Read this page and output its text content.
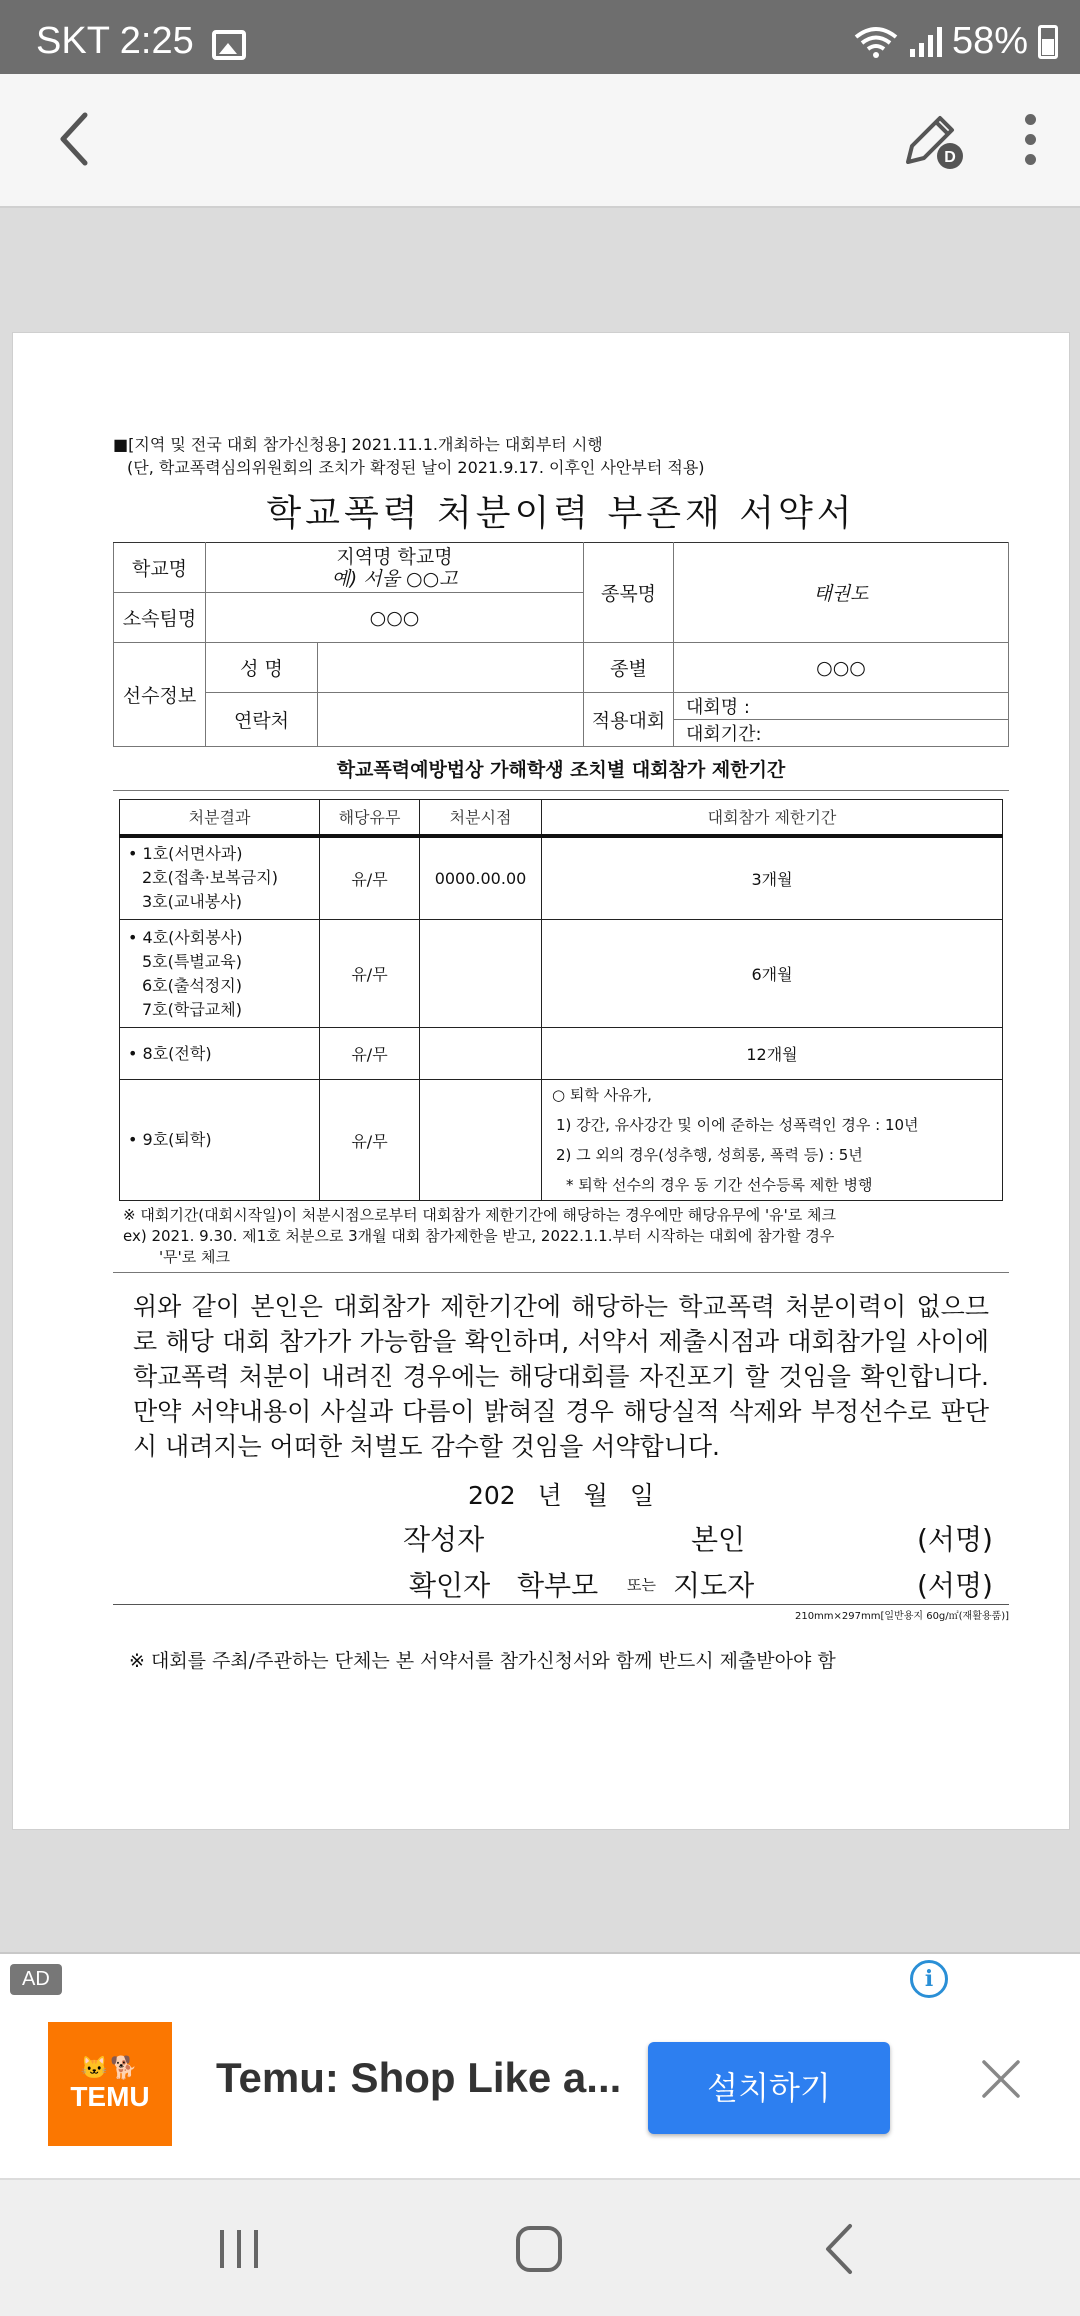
SKT 2:25	58%
D
■[지역 및 전국 대회 참가신청용] 2021.11.1.개최하는 대회부터 시행
(단, 학교폭력심의위원회의 조치가 확정된 날이 2021.9.17. 이후인 사안부터 적용)
학교폭력 처분이력 부존재 서약서
학교명	지역명 학교명
예) 서울 ○○고		종목명	태권도
소속팀명	○○○			
선수정보	성 명		종별	○○○
	연락처		적용대회	대회명 :
				대회기간:
학교폭력예방법상 가해학생 조치별 대회참가 제한기간
처분결과	해당유무	처분시점	대회참가 제한기간

• 1호(서면사과)
2호(접촉·보복금지)
3호(교내봉사)	유/무	0000.00.00	3개월

• 4호(사회봉사)
5호(특별교육)
6호(출석정지)
7호(학급교체)	유/무		6개월
• 8호(전학)	유/무		12개월
• 9호(퇴학)	유/무		○ 퇴학 사유가,
1) 강간, 유사강간 및 이에 준하는 성폭력인 경우 : 10년
2) 그 외의 경우(성추행, 성희롱, 폭력 등) : 5년
* 퇴학 선수의 경우 동 기간 선수등록 제한 병행
※ 대회기간(대회시작일)이 처분시점으로부터 대회참가 제한기간에 해당하는 경우에만 해당유무에 '유'로 체크
ex) 2021. 9.30. 제1호 처분으로 3개월 대회 참가제한을 받고, 2022.1.1.부터 시작하는 대회에 참가할 경우
'무'로 체크
위와 같이 본인은 대회참가 제한기간에 해당하는 학교폭력 처분이력이 없으므로 해당 대회 참가가 가능함을 확인하며, 서약서 제출시점과 대회참가일 사이에 학교폭력 처분이 내려진 경우에는 해당대회를 자진포기 할 것임을 확인합니다. 만약 서약내용이 사실과 다름이 밝혀질 경우 해당실적 삭제와 부정선수로 판단 시 내려지는 어떠한 처벌도 감수할 것임을 서약합니다.
202 년 월 일
작성자	본인	(서명)
확인자 학부모 또는 지도자	(서명)
210mm×297mm[일반용지 60g/㎡(재활용품)]
※ 대회를 주최/주관하는 단체는 본 서약서를 참가신청서와 함께 반드시 제출받아야 함
AD	i
🐱🐕
TEMU Temu: Shop Like a...	설치하기
